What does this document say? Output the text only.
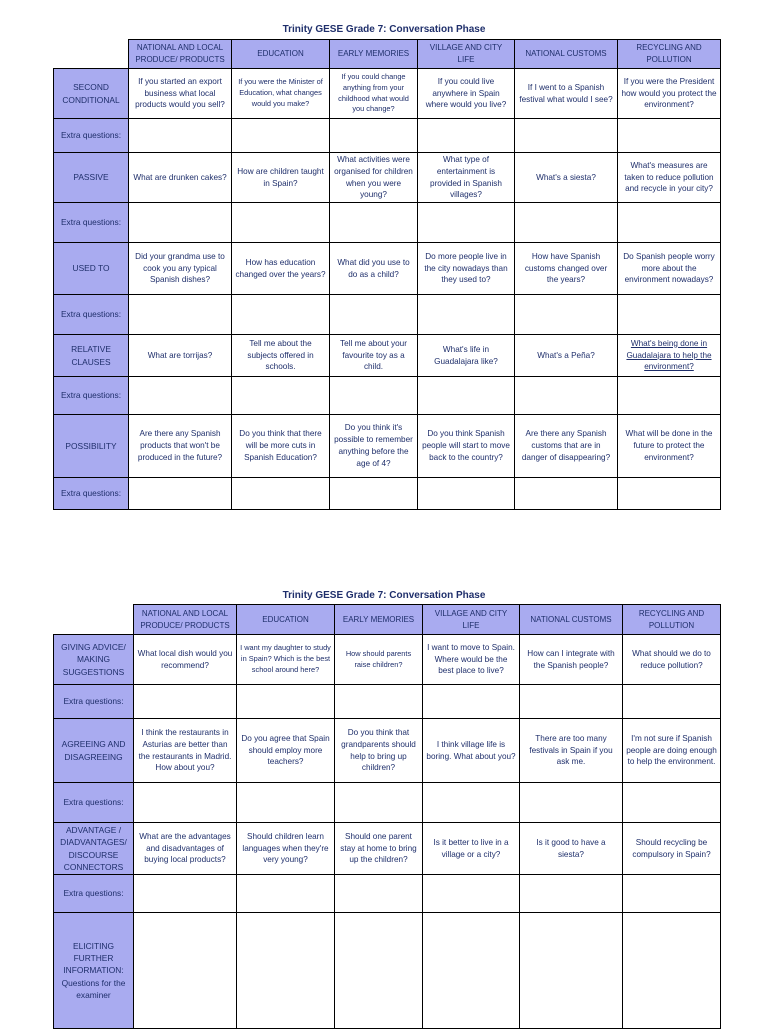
Trinity GESE Grade 7: Conversation Phase
	NATIONAL AND LOCAL PRODUCE/ PRODUCTS	EDUCATION	EARLY MEMORIES	VILLAGE AND CITY LIFE	NATIONAL CUSTOMS	RECYCLING AND POLLUTION
SECOND CONDITIONAL	If you started an export business what local products would you sell?	If you were the Minister of Education, what changes would you make?	If you could change anything from your childhood what would you change?	If you could live anywhere in Spain where would you live?	If I went to a Spanish festival what would I see?	If you were the President how would you protect the environment?
Extra questions:						
PASSIVE	What are drunken cakes?	How are children taught in Spain?	What activities were organised for children when you were young?	What type of entertainment is provided in Spanish villages?	What's a siesta?	What's measures are taken to reduce pollution and recycle in your city?
Extra questions:						
USED TO	Did your grandma use to cook you any typical Spanish dishes?	How has education changed over the years?	What did you use to do as a child?	Do more people live in the city nowadays than they used to?	How have Spanish customs changed over the years?	Do Spanish people worry more about the environment nowadays?
Extra questions:						
RELATIVE CLAUSES	What are torrijas?	Tell me about the subjects offered in schools.	Tell me about your favourite toy as a child.	What's life in Guadalajara like?	What's a Peña?	What's being done in Guadalajara to help the environment?
Extra questions:						
POSSIBILITY	Are there any Spanish products that won't be produced in the future?	Do you think that there will be more cuts in Spanish Education?	Do you think it's possible to remember anything before the age of 4?	Do you think Spanish people will start to move back to the country?	Are there any Spanish customs that are in danger of disappearing?	What will be done in the future to protect the environment?
Extra questions:						
Trinity GESE Grade 7: Conversation Phase
	NATIONAL AND LOCAL PRODUCE/ PRODUCTS	EDUCATION	EARLY MEMORIES	VILLAGE AND CITY LIFE	NATIONAL CUSTOMS	RECYCLING AND POLLUTION
GIVING ADVICE/ MAKING SUGGESTIONS	What local dish would you recommend?	I want my daughter to study in Spain? Which is the best school around here?	How should parents raise children?	I want to move to Spain. Where would be the best place to live?	How can I integrate with the Spanish people?	What should we do to reduce pollution?
Extra questions:						
AGREEING AND DISAGREEING	I think the restaurants in Asturias are better than the restaurants in Madrid. How about you?	Do you agree that Spain should employ more teachers?	Do you think that grandparents should help to bring up children?	I think village life is boring. What about you?	There are too many festivals in Spain if you ask me.	I'm not sure if Spanish people are doing enough to help the environment.
Extra questions:						
ADVANTAGE / DIADVANTAGES/ DISCOURSE CONNECTORS	What are the advantages and disadvantages of buying local products?	Should children learn languages when they're very young?	Should one parent stay at home to bring up the children?	Is it better to live in a village or a city?	Is it good to have a siesta?	Should recycling be compulsory in Spain?
Extra questions:						
ELICITING FURTHER INFORMATION: Questions for the examiner						
